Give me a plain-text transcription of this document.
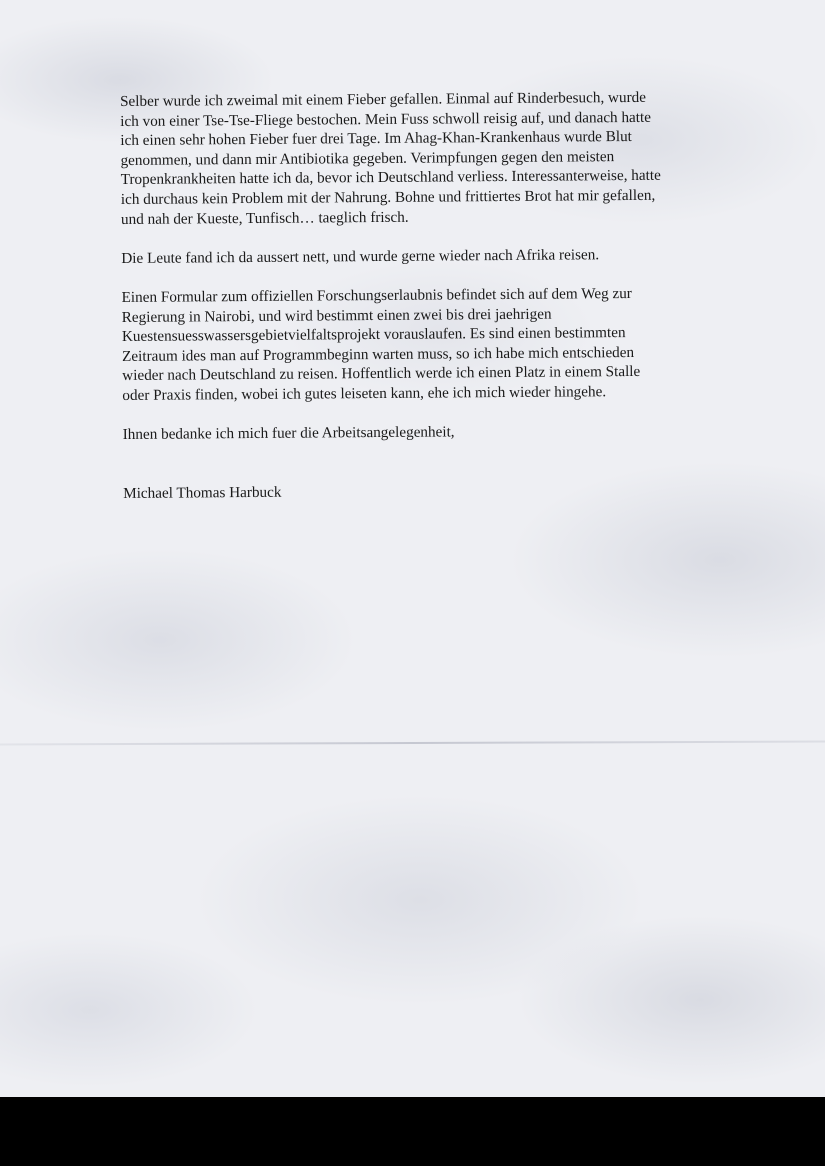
Selber wurde ich zweimal mit einem Fieber gefallen. Einmal auf Rinderbesuch, wurde
ich von einer Tse-Tse-Fliege bestochen. Mein Fuss schwoll reisig auf, und danach hatte
ich einen sehr hohen Fieber fuer drei Tage. Im Ahag-Khan-Krankenhaus wurde Blut
genommen, und dann mir Antibiotika gegeben. Verimpfungen gegen den meisten
Tropenkrankheiten hatte ich da, bevor ich Deutschland verliess. Interessanterweise, hatte
ich durchaus kein Problem mit der Nahrung. Bohne und frittiertes Brot hat mir gefallen,
und nah der Kueste, Tunfisch… taeglich frisch.

Die Leute fand ich da aussert nett, und wurde gerne wieder nach Afrika reisen.

Einen Formular zum offiziellen Forschungserlaubnis befindet sich auf dem Weg zur
Regierung in Nairobi, und wird bestimmt einen zwei bis drei jaehrigen
Kuestensuesswassersgebietvielfaltsprojekt vorauslaufen. Es sind einen bestimmten
Zeitraum ides man auf Programmbeginn warten muss, so ich habe mich entschieden
wieder nach Deutschland zu reisen. Hoffentlich werde ich einen Platz in einem Stalle
oder Praxis finden, wobei ich gutes leiseten kann, ehe ich mich wieder hingehe.

Ihnen bedanke ich mich fuer die Arbeitsangelegenheit,

Michael Thomas Harbuck
